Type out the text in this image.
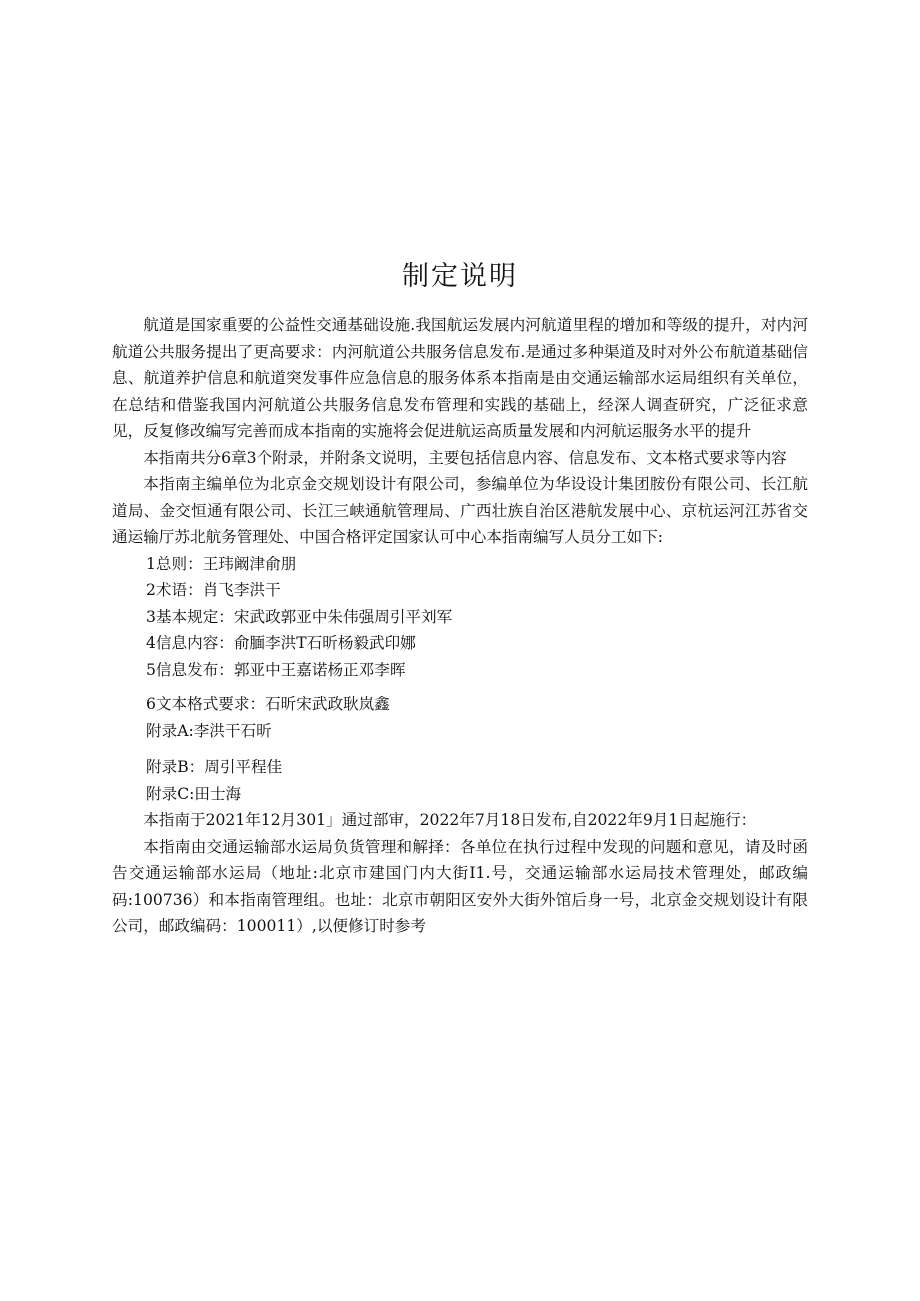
制定说明

航道是国家重要的公益性交通基础设施.我国航运发展内河航道里程的增加和等级的提升，对内河航道公共服务提出了更高要求：内河航道公共服务信息发布.是通过多种渠道及时对外公布航道基础信息、航道养护信息和航道突发事件应急信息的服务体系本指南是由交通运输部水运局组织有关单位，在总结和借鉴我国内河航道公共服务信息发布管理和实践的基础上，经深人调查研究，广泛征求意见，反复修改编写完善而成本指南的实施将会促进航运高质量发展和内河航运服务水平的提升

本指南共分6章3个附录，并附条文说明，主要包括信息内容、信息发布、文本格式要求等内容

本指南主编单位为北京金交规划设计有限公司，参编单位为华设设计集团胺份有限公司、长江航道局、金交恒通有限公司、长江三峡通航管理局、广西壮族自治区港航发展中心、京杭运河江苏省交通运输厅苏北航务管理处、中国合格评定国家认可中心本指南编写人员分工如下:

1总则：王玮阚津俞朋

2术语：肖飞李洪干

3基本规定：宋武政郭亚中朱伟强周引平刘军

4信息内容：俞腼李洪T石昕杨毅武印娜

5信息发布：郭亚中王嘉诺杨正邓李晖

6文本格式要求：石昕宋武政耿岚鑫

附录A:李洪干石昕

附录B：周引平程佳

附录C:田士海

本指南于2021年12月301」通过部审，2022年7月18日发布,自2022年9月1日起施行：

本指南由交通运输部水运局负货管理和解择：各单位在执行过程中发现的问题和意见，请及时函告交通运输部水运局（地址:北京市建国门内大街I1.号，交通运输部水运局技术管理处，邮政编码:100736）和本指南管理组。也址：北京市朝阳区安外大街外馆后身一号，北京金交规划设计有限公司，邮政编码：100011）,以便修订时参考
